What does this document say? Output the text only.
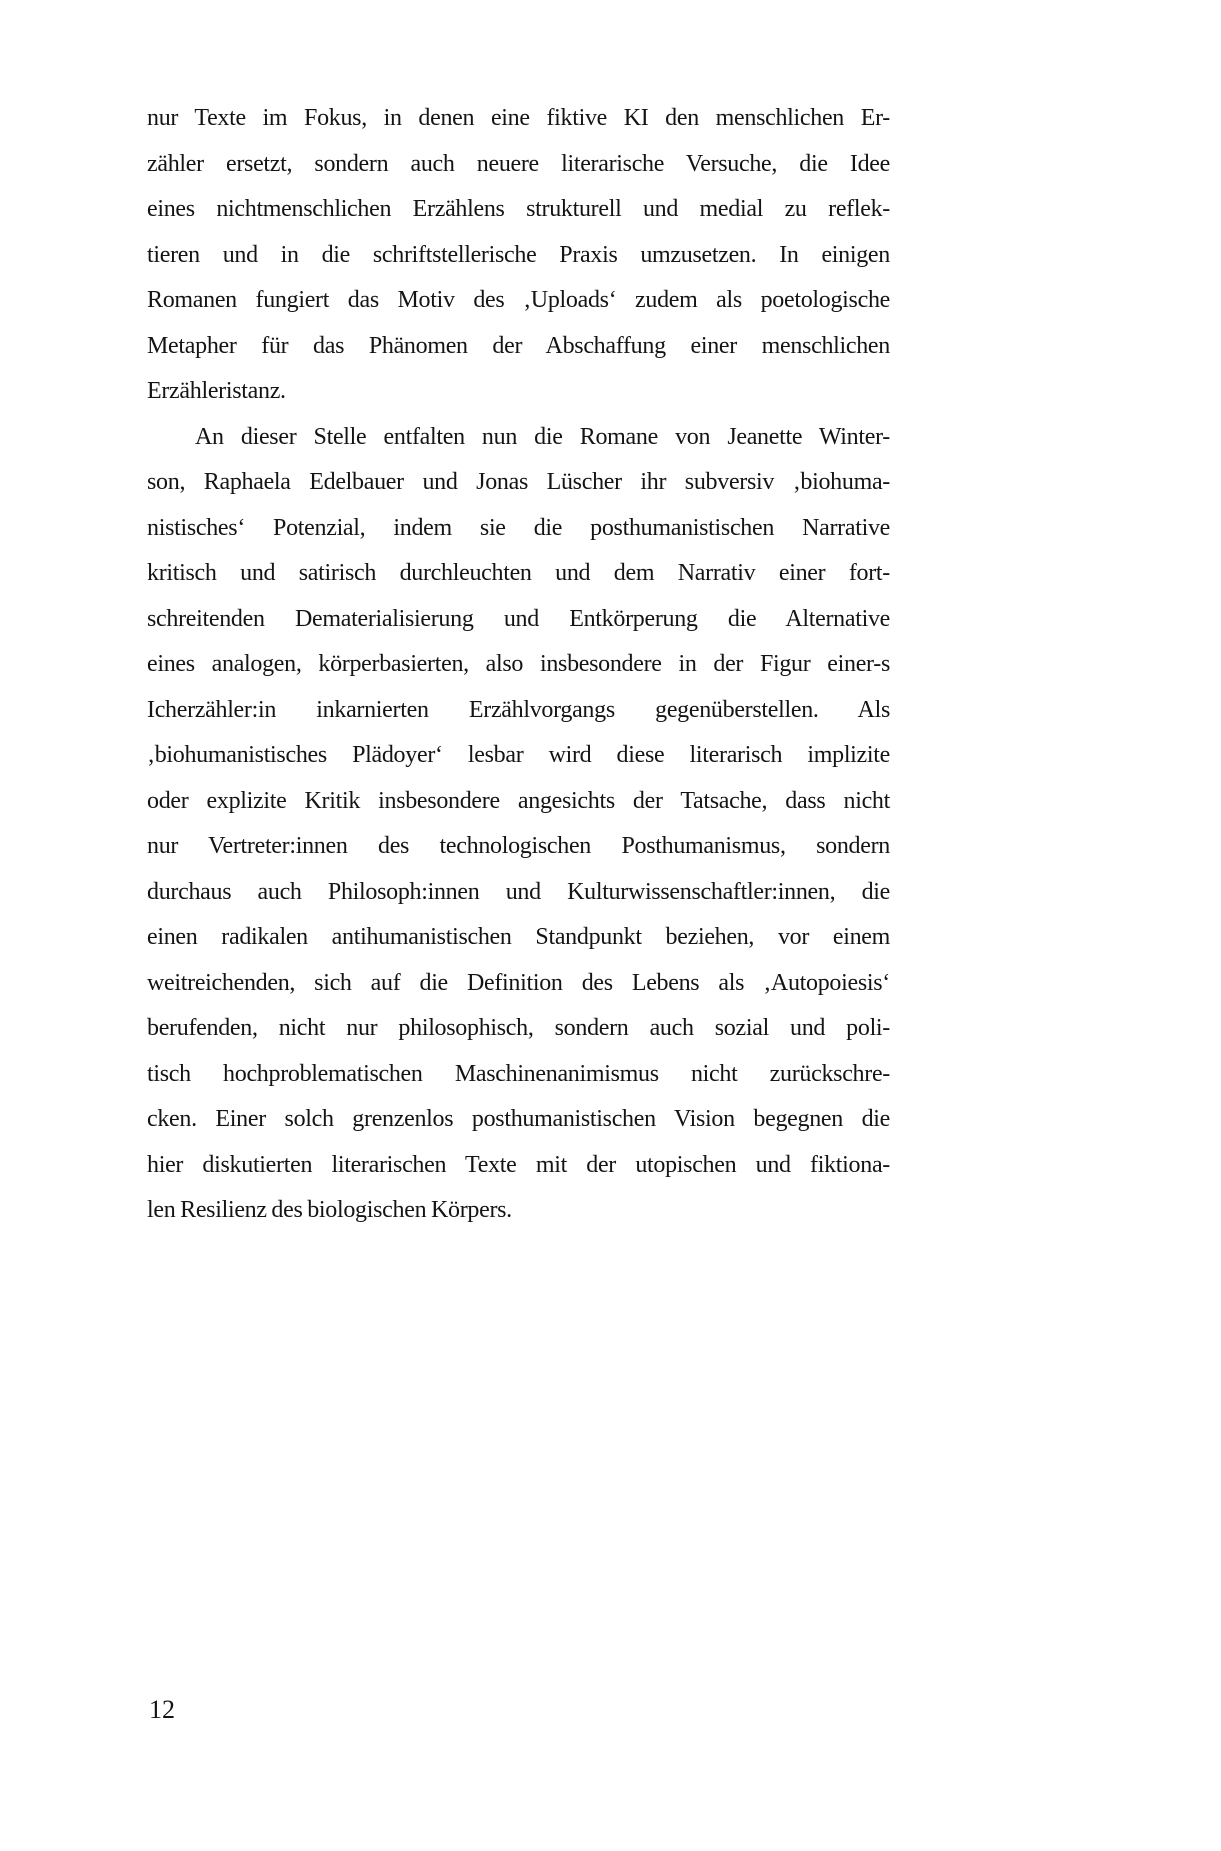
nur Texte im Fokus, in denen eine fiktive KI den menschlichen Er-
zähler ersetzt, sondern auch neuere literarische Versuche, die Idee
eines nichtmenschlichen Erzählens strukturell und medial zu reflek-
tieren und in die schriftstellerische Praxis umzusetzen. In einigen
Romanen fungiert das Motiv des ‚Uploads‘ zudem als poetologische
Metapher für das Phänomen der Abschaffung einer menschlichen
Erzähleristanz.
An dieser Stelle entfalten nun die Romane von Jeanette Winter-
son, Raphaela Edelbauer und Jonas Lüscher ihr subversiv ‚biohuma-
nistisches‘ Potenzial, indem sie die posthumanistischen Narrative
kritisch und satirisch durchleuchten und dem Narrativ einer fort-
schreitenden Dematerialisierung und Entkörperung die Alternative
eines analogen, körperbasierten, also insbesondere in der Figur einer-s
Icherzähler:in inkarnierten Erzählvorgangs gegenüberstellen. Als
‚biohumanistisches Plädoyer‘ lesbar wird diese literarisch implizite
oder explizite Kritik insbesondere angesichts der Tatsache, dass nicht
nur Vertreter:innen des technologischen Posthumanismus, sondern
durchaus auch Philosoph:innen und Kulturwissenschaftler:innen, die
einen radikalen antihumanistischen Standpunkt beziehen, vor einem
weitreichenden, sich auf die Definition des Lebens als ‚Autopoiesis‘
berufenden, nicht nur philosophisch, sondern auch sozial und poli-
tisch hochproblematischen Maschinenanimismus nicht zurückschre-
cken. Einer solch grenzenlos posthumanistischen Vision begegnen die
hier diskutierten literarischen Texte mit der utopischen und fiktiona-
len Resilienz des biologischen Körpers.
12
